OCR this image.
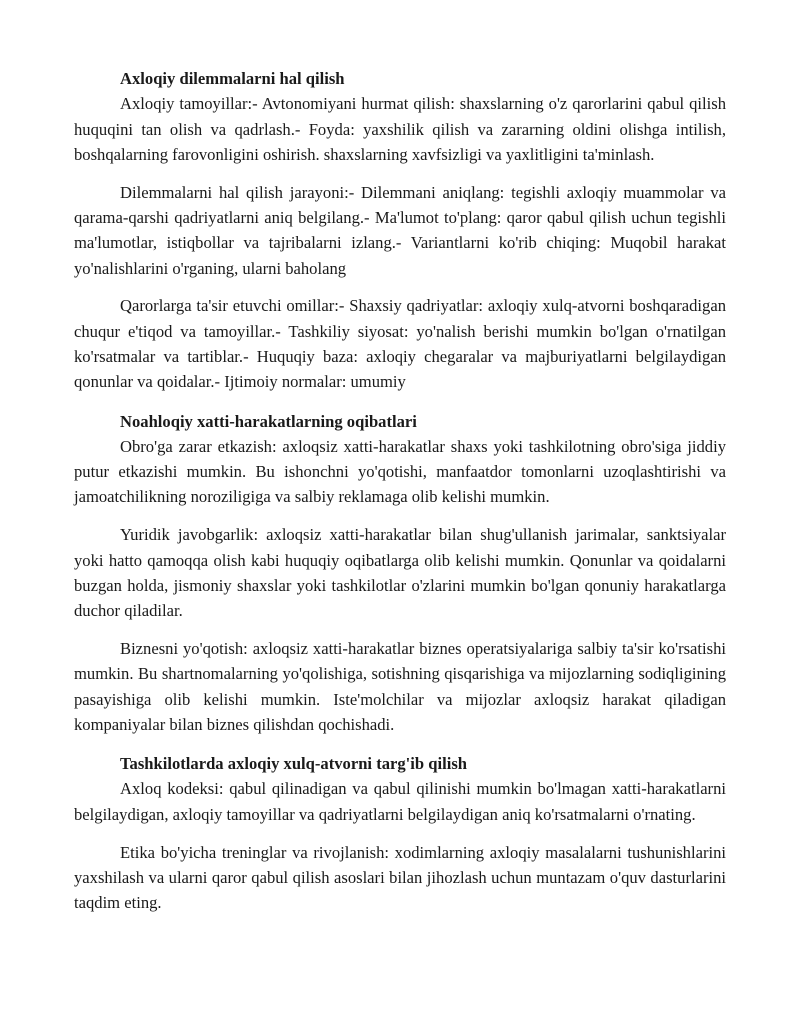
Axloqiy dilemmalarni hal qilish

Axloqiy tamoyillar:- Avtonomiyani hurmat qilish: shaxslarning o'z qarorlarini qabul qilish huquqini tan olish va qadrlash.- Foyda: yaxshilik qilish va zararning oldini olishga intilish, boshqalarning farovonligini oshirish. shaxslarning xavfsizligi va yaxlitligini ta'minlash.

Dilemmalarni hal qilish jarayoni:- Dilemmani aniqlang: tegishli axloqiy muammolar va qarama-qarshi qadriyatlarni aniq belgilang.- Ma'lumot to'plang: qaror qabul qilish uchun tegishli ma'lumotlar, istiqbollar va tajribalarni izlang.- Variantlarni ko'rib chiqing: Muqobil harakat yo'nalishlarini o'rganing, ularni baholang

Qarorlarga ta'sir etuvchi omillar:- Shaxsiy qadriyatlar: axloqiy xulq-atvorni boshqaradigan chuqur e'tiqod va tamoyillar.- Tashkiliy siyosat: yo'nalish berishi mumkin bo'lgan o'rnatilgan ko'rsatmalar va tartiblar.- Huquqiy baza: axloqiy chegaralar va majburiyatlarni belgilaydigan qonunlar va qoidalar.- Ijtimoiy normalar: umumiy

Noahloqiy xatti-harakatlarning oqibatlari

Obro'ga zarar etkazish: axloqsiz xatti-harakatlar shaxs yoki tashkilotning obro'siga jiddiy putur etkazishi mumkin. Bu ishonchni yo'qotishi, manfaatdor tomonlarni uzoqlashtirishi va jamoatchilikning noroziligiga va salbiy reklamaga olib kelishi mumkin.

Yuridik javobgarlik: axloqsiz xatti-harakatlar bilan shug'ullanish jarimalar, sanktsiyalar yoki hatto qamoqqa olish kabi huquqiy oqibatlarga olib kelishi mumkin. Qonunlar va qoidalarni buzgan holda, jismoniy shaxslar yoki tashkilotlar o'zlarini mumkin bo'lgan qonuniy harakatlarga duchor qiladilar.

Biznesni yo'qotish: axloqsiz xatti-harakatlar biznes operatsiyalariga salbiy ta'sir ko'rsatishi mumkin. Bu shartnomalarning yo'qolishiga, sotishning qisqarishiga va mijozlarning sodiqligining pasayishiga olib kelishi mumkin. Iste'molchilar va mijozlar axloqsiz harakat qiladigan kompaniyalar bilan biznes qilishdan qochishadi.

Tashkilotlarda axloqiy xulq-atvorni targ'ib qilish

Axloq kodeksi: qabul qilinadigan va qabul qilinishi mumkin bo'lmagan xatti-harakatlarni belgilaydigan, axloqiy tamoyillar va qadriyatlarni belgilaydigan aniq ko'rsatmalarni o'rnating.

Etika bo'yicha treninglar va rivojlanish: xodimlarning axloqiy masalalarni tushunishlarini yaxshilash va ularni qaror qabul qilish asoslari bilan jihozlash uchun muntazam o'quv dasturlarini taqdim eting.
